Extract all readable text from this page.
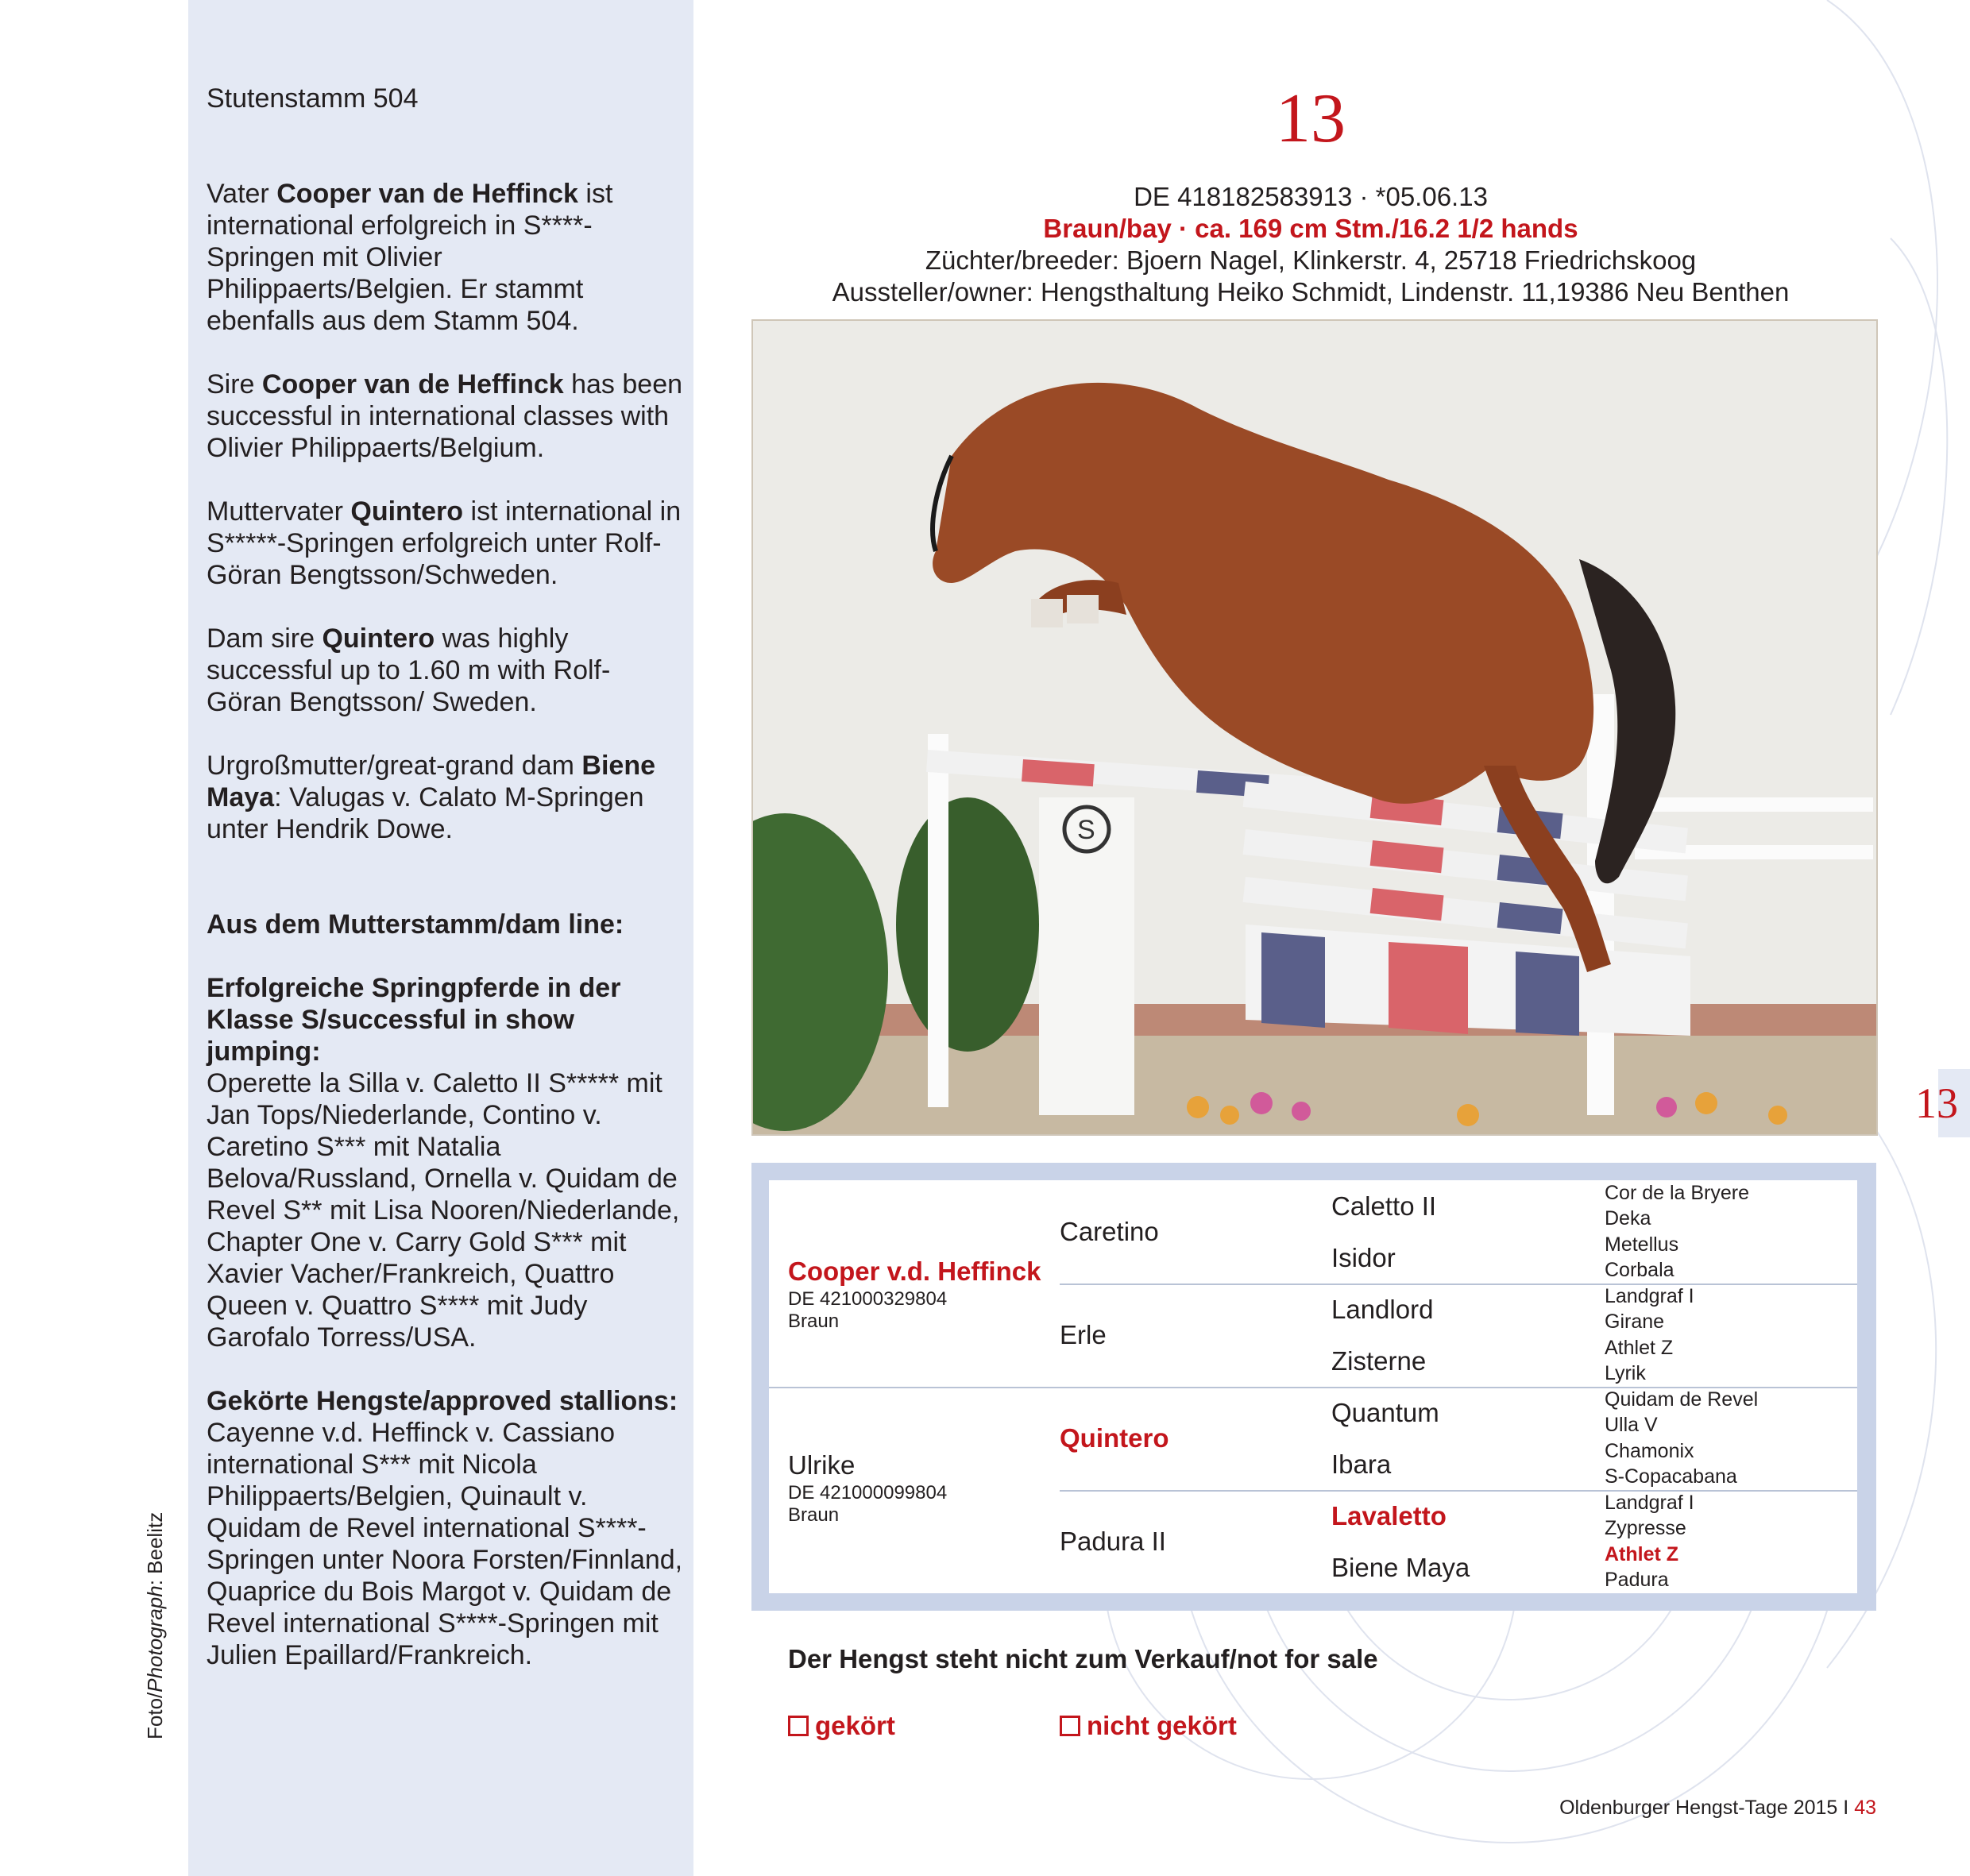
Stutenstamm 504

Vater Cooper van de Heffinck ist international erfolgreich in S****-Springen mit Olivier Philippaerts/Belgien. Er stammt ebenfalls aus dem Stamm 504.

Sire Cooper van de Heffinck has been successful in international classes with Olivier Philippaerts/Belgium.

Muttervater Quintero ist international in S*****-Springen erfolgreich unter Rolf-Göran Bengtsson/Schweden.

Dam sire Quintero was highly successful up to 1.60 m with Rolf-Göran Bengtsson/ Sweden.

Urgroßmutter/great-grand dam Biene Maya: Valugas v. Calato M-Springen unter Hendrik Dowe.

Aus dem Mutterstamm/dam line:

Erfolgreiche Springpferde in der Klasse S/successful in show jumping:

Operette la Silla v. Caletto II S***** mit Jan Tops/Niederlande, Contino v. Caretino S*** mit Natalia Belova/Russland, Ornella v. Quidam de Revel S** mit Lisa Nooren/Niederlande, Chapter One v. Carry Gold S*** mit Xavier Vacher/Frankreich, Quattro Queen v. Quattro S**** mit Judy Garofalo Torress/USA.

Gekörte Hengste/approved stallions:

Cayenne v.d. Heffinck v. Cassiano international S*** mit Nicola Philippaerts/Belgien, Quinault v. Quidam de Revel international S****-Springen unter Noora Forsten/Finnland, Quaprice du Bois Margot v. Quidam de Revel international S****-Springen mit Julien Epaillard/Frankreich.

Foto/Photograph: Beelitz
13
DE 418182583913 · *05.06.13
Braun/bay · ca. 169 cm Stm./16.2 1/2 hands
Züchter/breeder: Bjoern Nagel, Klinkerstr. 4, 25718 Friedrichskoog
Aussteller/owner: Hengsthaltung Heiko Schmidt, Lindenstr. 11,19386 Neu Benthen
S
13
Cooper v.d. Heffinck
DE 421000329804
Braun
Ulrike
DE 421000099804
Braun
Caretino
Erle
Quintero
Padura II
Caletto II
Isidor
Landlord
Zisterne
Quantum
Ibara
Lavaletto
Biene Maya
Cor de la Bryere
Deka
Metellus
Corbala
Landgraf I
Girane
Athlet Z
Lyrik
Quidam de Revel
Ulla V
Chamonix
S-Copacabana
Landgraf I
Zypresse
Athlet Z
Padura
Der Hengst steht nicht zum Verkauf/not for sale
gekört	nicht gekört
Oldenburger Hengst-Tage 2015 I 43
